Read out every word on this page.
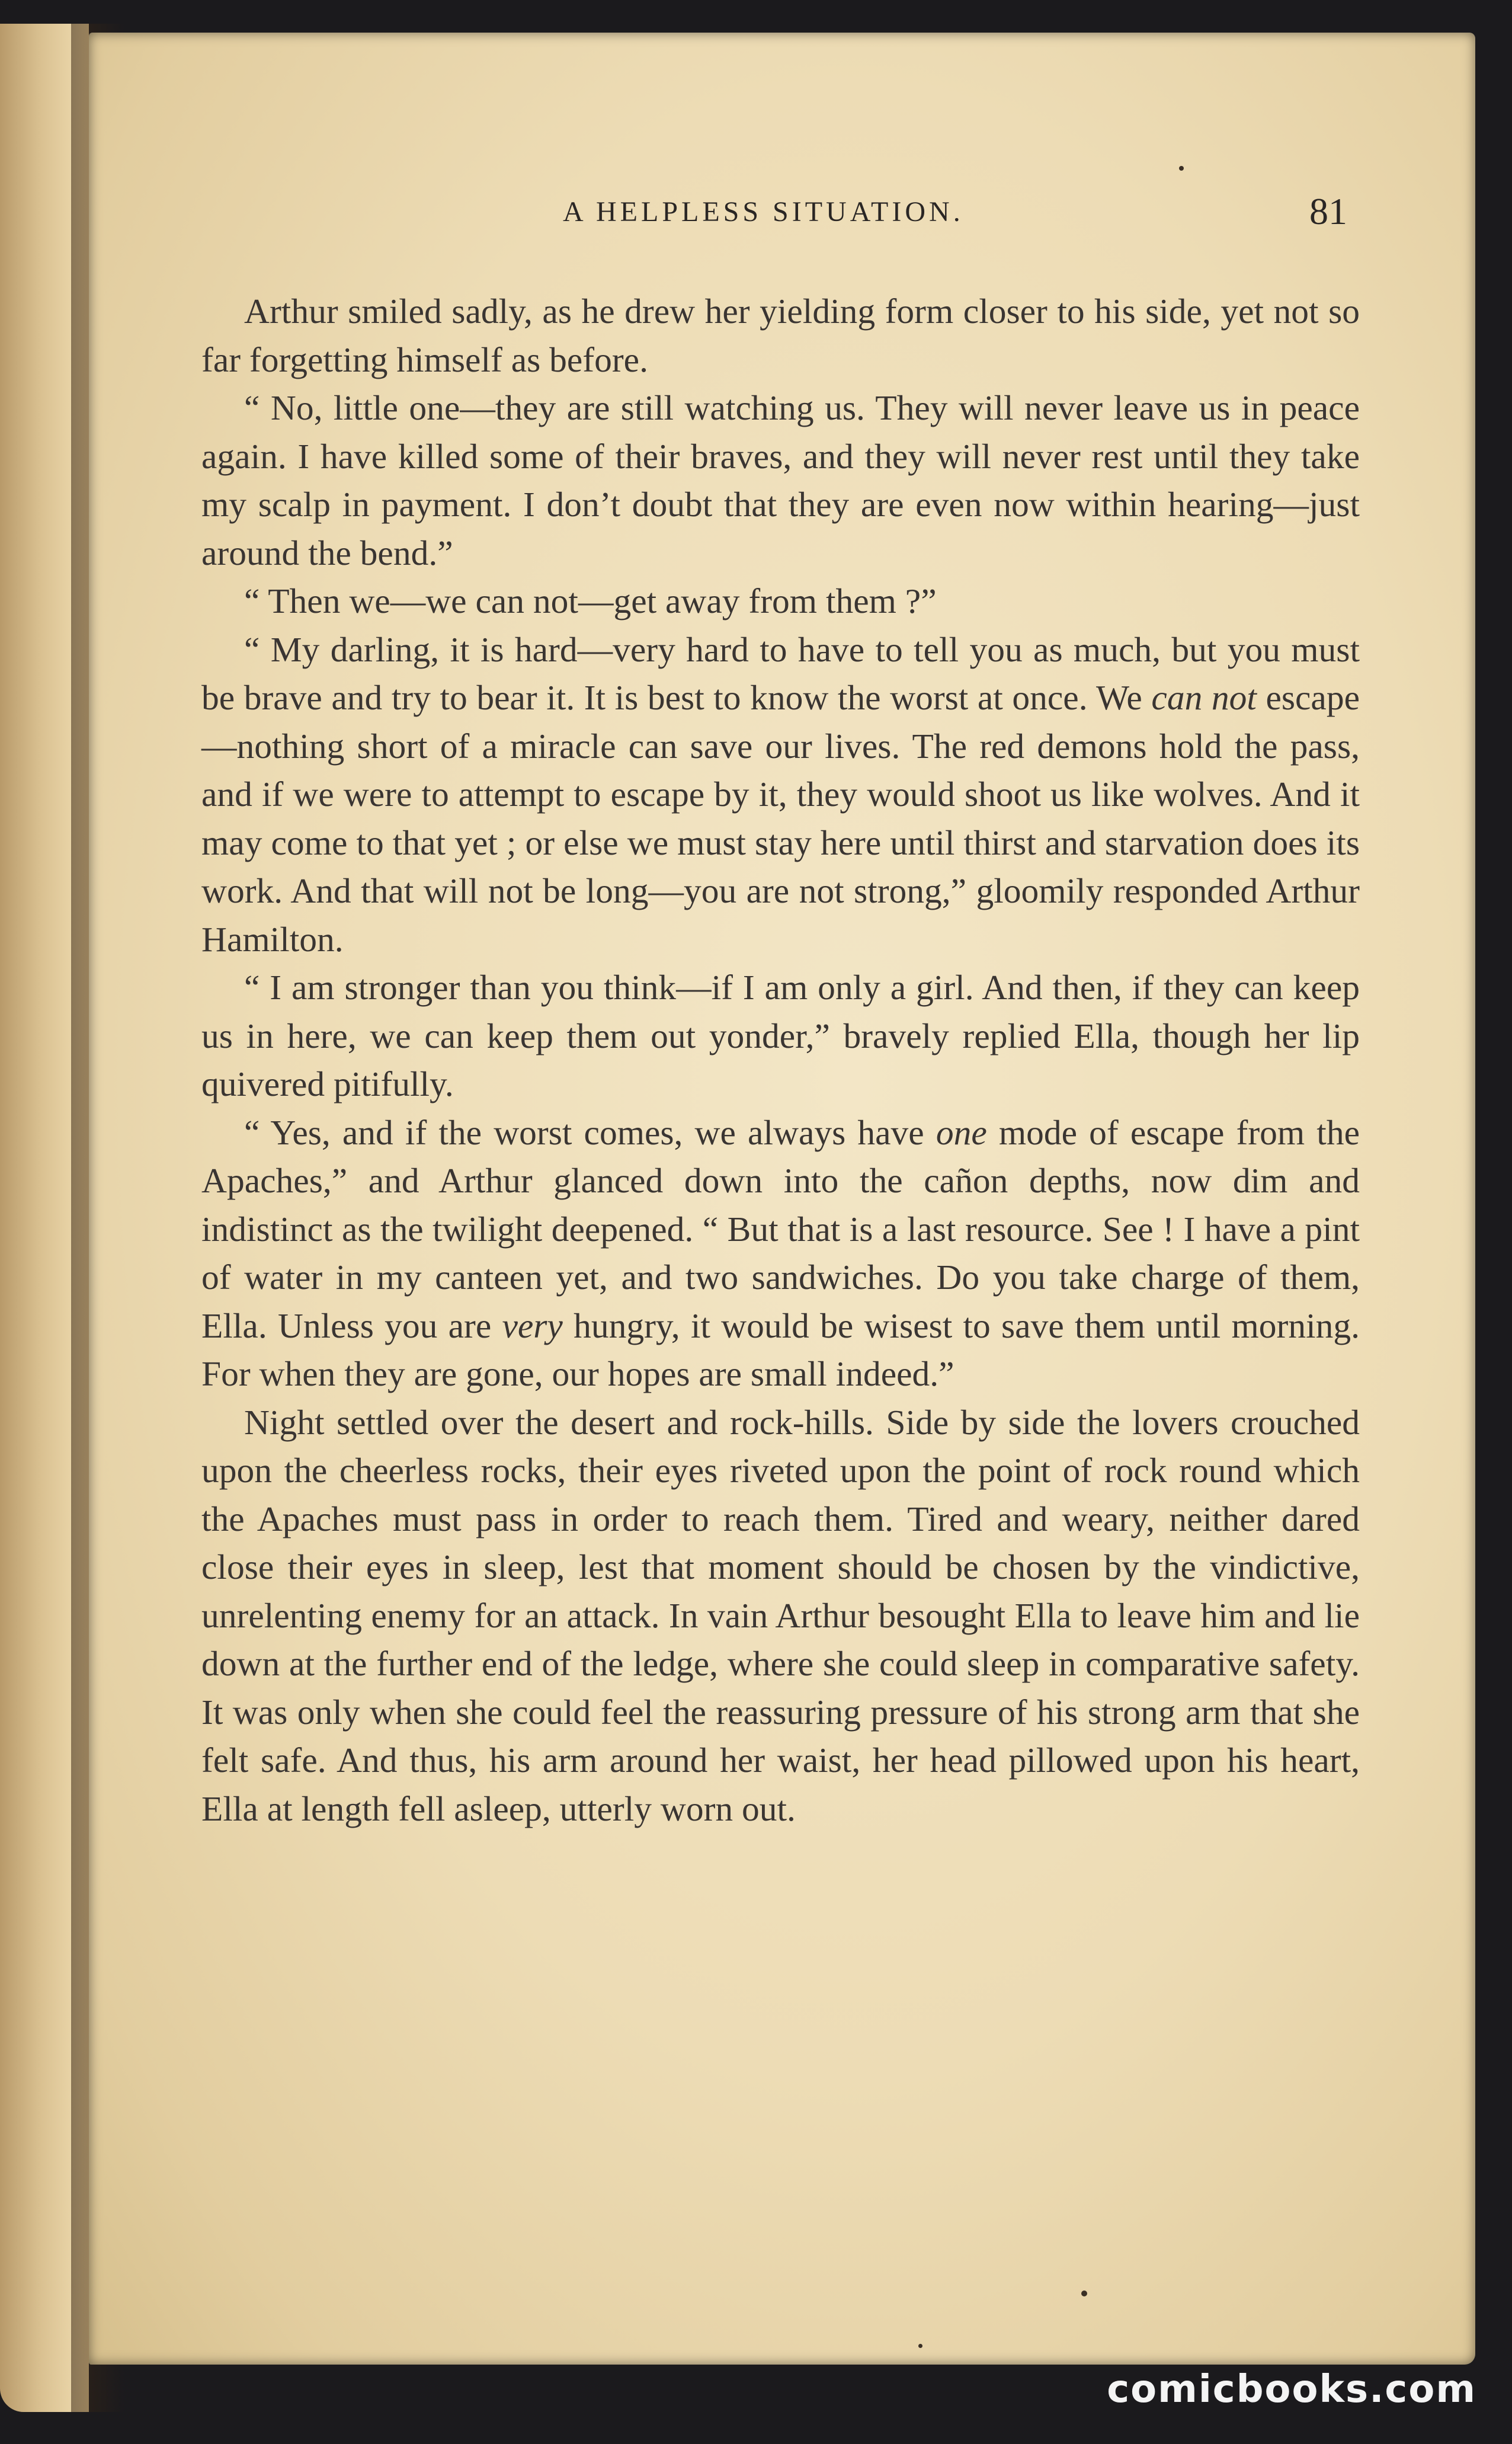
A HELPLESS SITUATION.	81

Arthur smiled sadly, as he drew her yielding form closer to his side, yet not so far forgetting himself as before.

“ No, little one—they are still watching us. They will never leave us in peace again. I have killed some of their braves, and they will never rest until they take my scalp in payment. I don’t doubt that they are even now within hearing—just around the bend.”

“ Then we—we can not—get away from them ?”

“ My darling, it is hard—very hard to have to tell you as much, but you must be brave and try to bear it. It is best to know the worst at once. We can not escape—nothing short of a miracle can save our lives. The red demons hold the pass, and if we were to attempt to escape by it, they would shoot us like wolves. And it may come to that yet ; or else we must stay here until thirst and starvation does its work. And that will not be long—you are not strong,” gloomily responded Arthur Hamilton.

“ I am stronger than you think—if I am only a girl. And then, if they can keep us in here, we can keep them out yonder,” bravely replied Ella, though her lip quivered pitifully.

“ Yes, and if the worst comes, we always have one mode of escape from the Apaches,” and Arthur glanced down into the cañon depths, now dim and indistinct as the twilight deepened. “ But that is a last resource. See ! I have a pint of water in my canteen yet, and two sandwiches. Do you take charge of them, Ella. Unless you are very hungry, it would be wisest to save them until morning. For when they are gone, our hopes are small indeed.”

Night settled over the desert and rock-hills. Side by side the lovers crouched upon the cheerless rocks, their eyes riveted upon the point of rock round which the Apaches must pass in order to reach them. Tired and weary, neither dared close their eyes in sleep, lest that moment should be chosen by the vindictive, unrelenting enemy for an attack. In vain Arthur besought Ella to leave him and lie down at the further end of the ledge, where she could sleep in comparative safety. It was only when she could feel the reassuring pressure of his strong arm that she felt safe. And thus, his arm around her waist, her head pillowed upon his heart, Ella at length fell asleep, utterly worn out.

comicbooks.com
